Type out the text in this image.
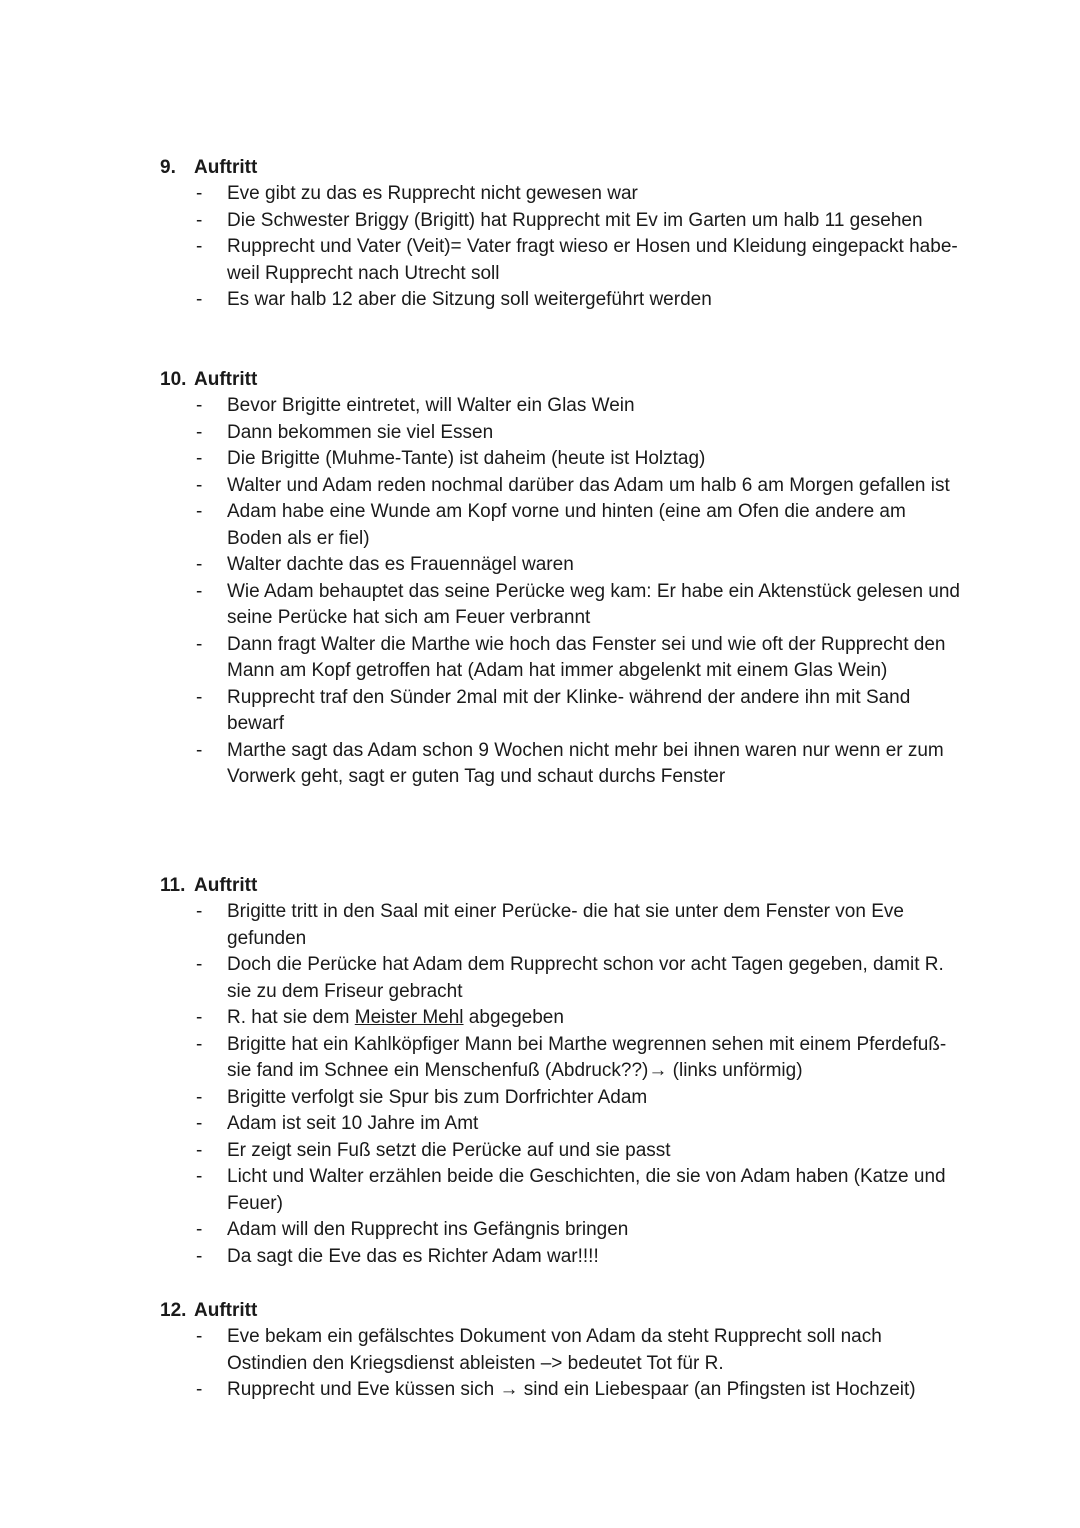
9. Auftritt
- Eve gibt zu das es Rupprecht nicht gewesen war
- Die Schwester Briggy (Brigitt) hat Rupprecht mit Ev im Garten um halb 11 gesehen
- Rupprecht und Vater (Veit)= Vater fragt wieso er Hosen und Kleidung eingepackt habe- weil Rupprecht nach Utrecht soll
- Es war halb 12 aber die Sitzung soll weitergeführt werden
10. Auftritt
- Bevor Brigitte eintretet, will Walter ein Glas Wein
- Dann bekommen sie viel Essen
- Die Brigitte (Muhme-Tante) ist daheim (heute ist Holztag)
- Walter und Adam reden nochmal darüber das Adam um halb 6 am Morgen gefallen ist
- Adam habe eine Wunde am Kopf vorne und hinten (eine am Ofen die andere am Boden als er fiel)
- Walter dachte das es Frauennägel waren
- Wie Adam behauptet das seine Perücke weg kam: Er habe ein Aktenstück gelesen und seine Perücke hat sich am Feuer verbrannt
- Dann fragt Walter die Marthe wie hoch das Fenster sei und wie oft der Rupprecht den Mann am Kopf getroffen hat (Adam hat immer abgelenkt mit einem Glas Wein)
- Rupprecht traf den Sünder 2mal mit der Klinke- während der andere ihn mit Sand bewarf
- Marthe sagt das Adam schon 9 Wochen nicht mehr bei ihnen waren nur wenn er zum Vorwerk geht, sagt er guten Tag und schaut durchs Fenster
11. Auftritt
- Brigitte tritt in den Saal mit einer Perücke- die hat sie unter dem Fenster von Eve gefunden
- Doch die Perücke hat Adam dem Rupprecht schon vor acht Tagen gegeben, damit R. sie zu dem Friseur gebracht
- R. hat sie dem Meister Mehl abgegeben
- Brigitte hat ein Kahlköpfiger Mann bei Marthe wegrennen sehen mit einem Pferdefuß- sie fand im Schnee ein Menschenfuß (Abdruck??)→ (links unförmig)
- Brigitte verfolgt sie Spur bis zum Dorfrichter Adam
- Adam ist seit 10 Jahre im Amt
- Er zeigt sein Fuß setzt die Perücke auf und sie passt
- Licht und Walter erzählen beide die Geschichten, die sie von Adam haben (Katze und Feuer)
- Adam will den Rupprecht ins Gefängnis bringen
- Da sagt die Eve das es Richter Adam war!!!!
12. Auftritt
- Eve bekam ein gefälschtes Dokument von Adam da steht Rupprecht soll nach Ostindien den Kriegsdienst ableisten –> bedeutet Tot für R.
- Rupprecht und Eve küssen sich → sind ein Liebespaar (an Pfingsten ist Hochzeit)
